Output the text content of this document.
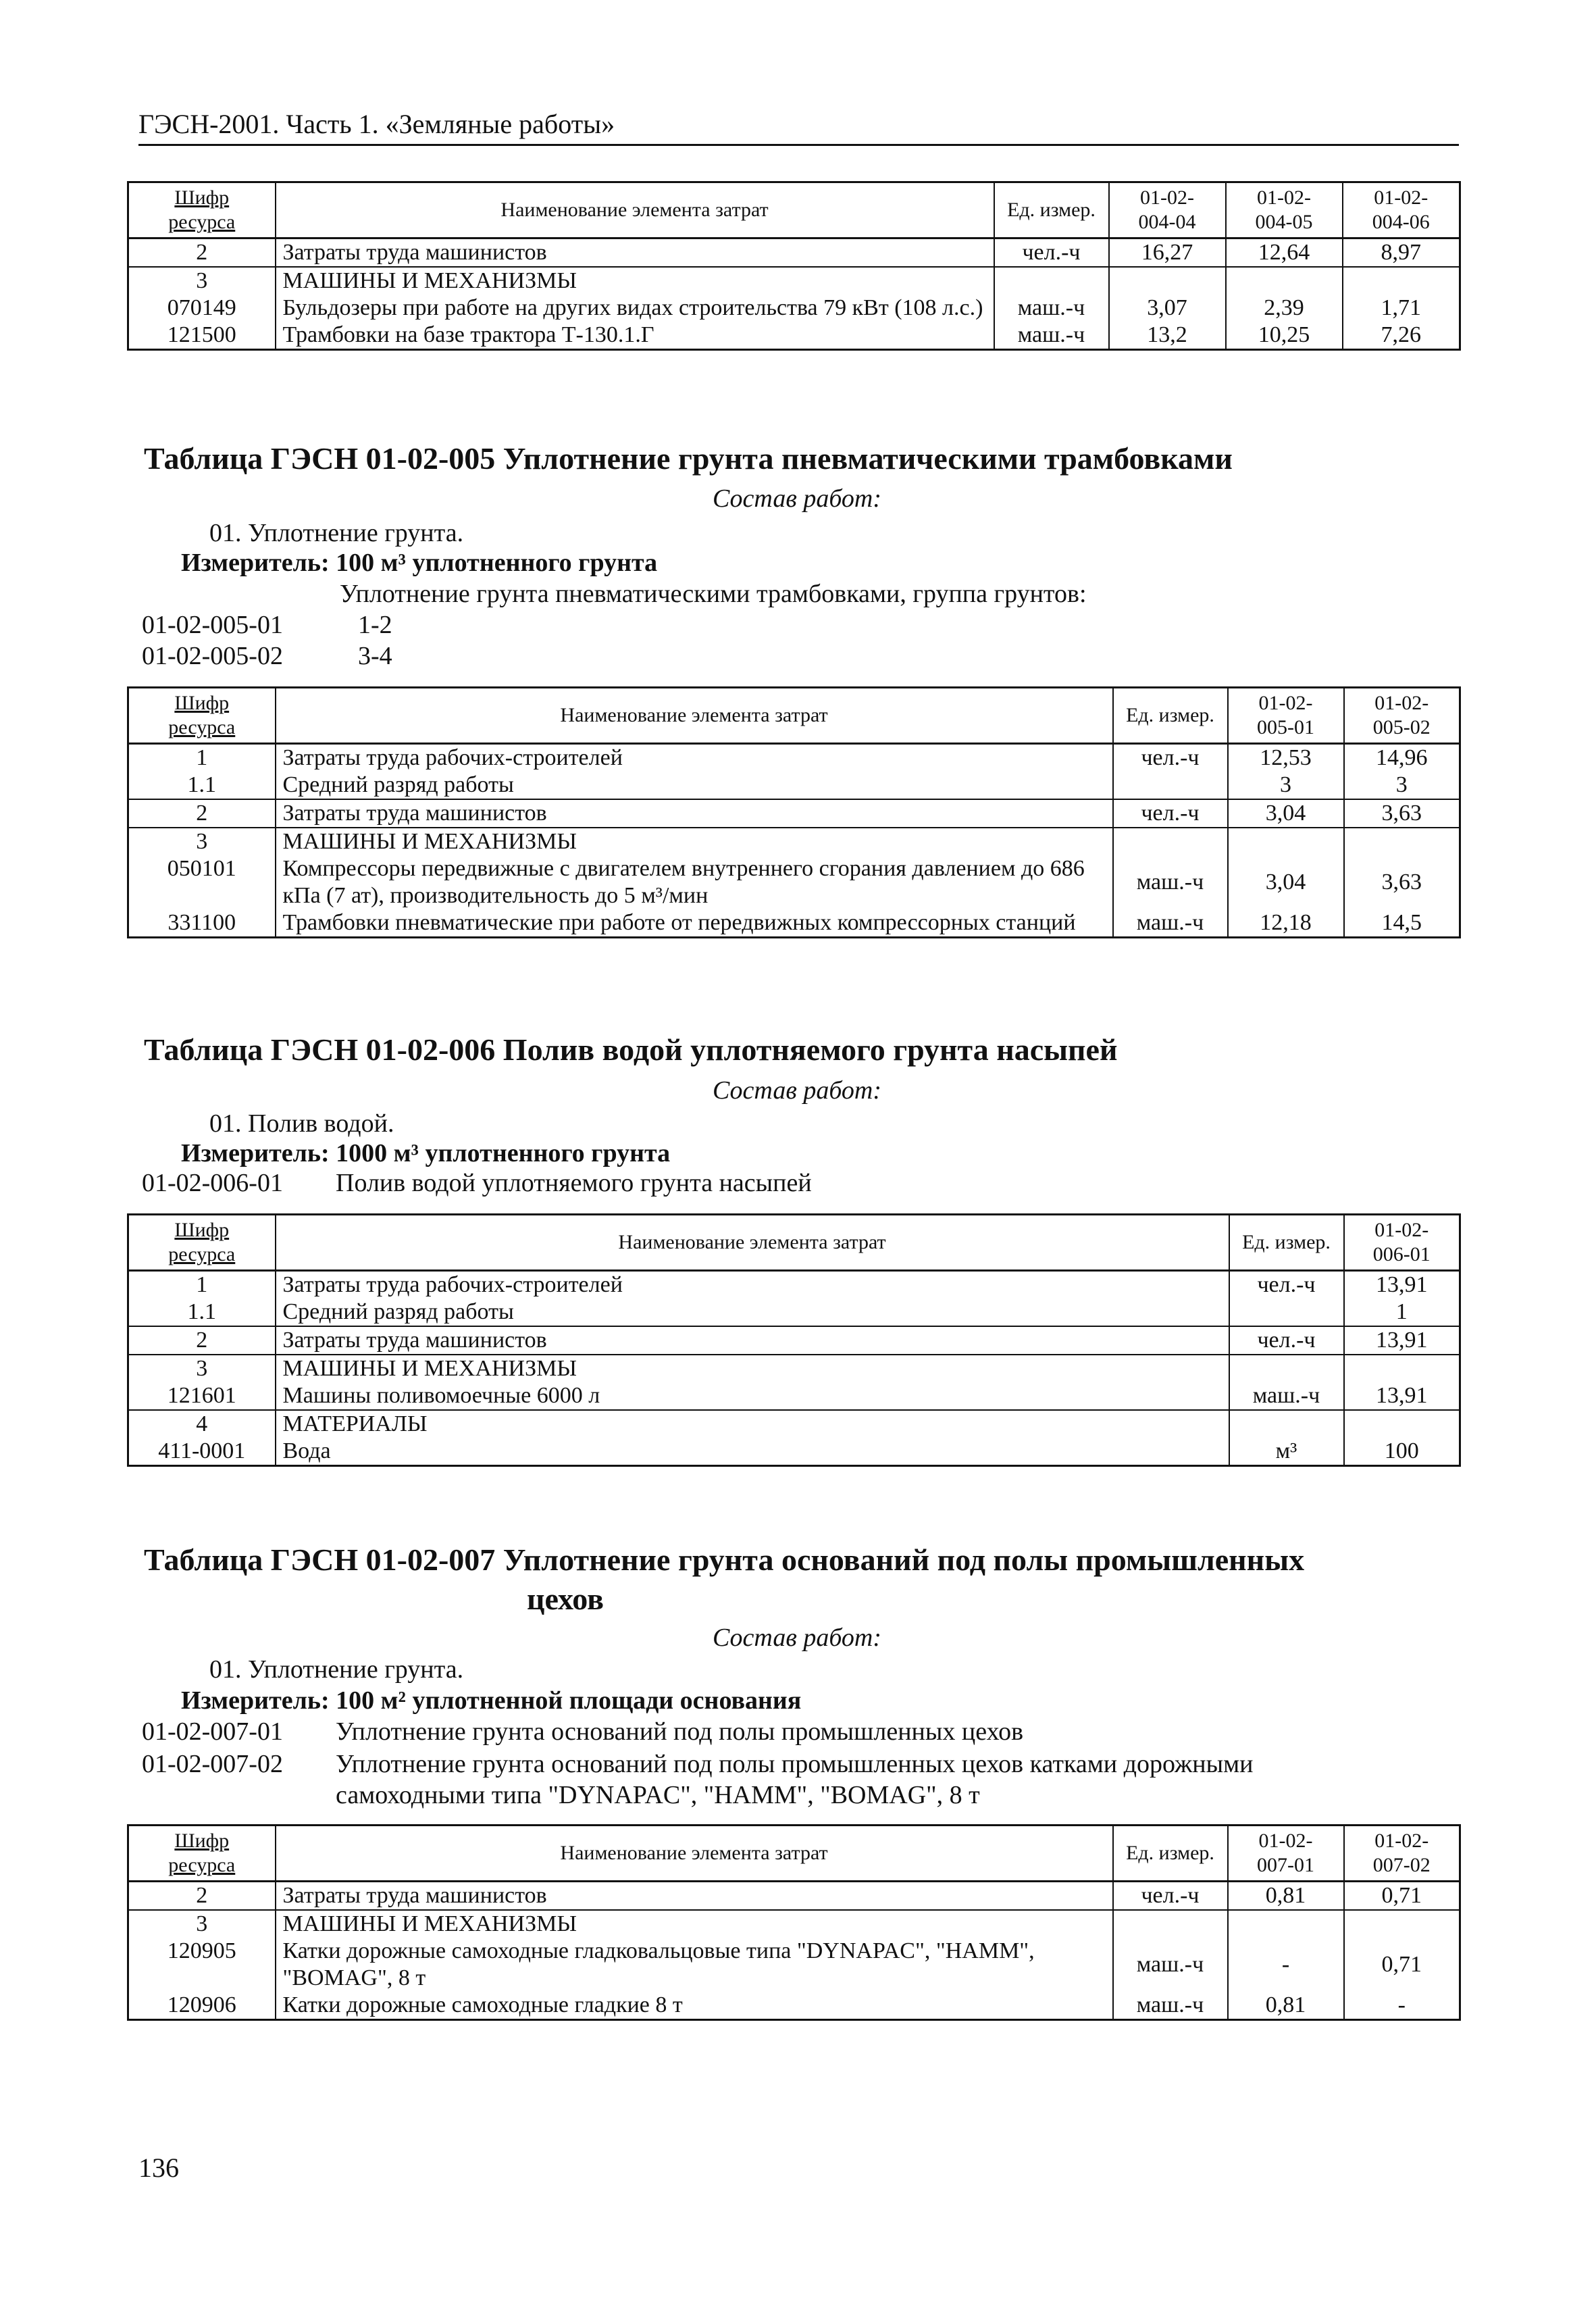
ГЭСН-2001. Часть 1. «Земляные работы»
Шифр
ресурса	Наименование элемента затрат	Ед. измер.	01-02-
004-04	01-02-
004-05	01-02-
004-06

2	Затраты труда машинистов	чел.-ч	16,27	12,64	8,97
3	МАШИНЫ И МЕХАНИЗМЫ				
070149	Бульдозеры при работе на других видах строительства 79 кВт (108 л.с.)	маш.-ч	3,07	2,39	1,71
121500	Трамбовки на базе трактора Т-130.1.Г	маш.-ч	13,2	10,25	7,26
Таблица ГЭСН 01-02-005 Уплотнение грунта пневматическими трамбовками
Состав работ:
01. Уплотнение грунта.
Измеритель: 100 м³ уплотненного грунта
Уплотнение грунта пневматическими трамбовками, группа грунтов:
01-02-005-01	1-2
01-02-005-02	3-4
Шифр
ресурса	Наименование элемента затрат	Ед. измер.	01-02-
005-01	01-02-
005-02

1	Затраты труда рабочих-строителей	чел.-ч	12,53	14,96
1.1	Средний разряд работы		3	3
2	Затраты труда машинистов	чел.-ч	3,04	3,63
3	МАШИНЫ И МЕХАНИЗМЫ			
050101	Компрессоры передвижные с двигателем внутреннего сгорания давлением до 686 кПа (7 ат), производительность до 5 м³/мин	маш.-ч	3,04	3,63
331100	Трамбовки пневматические при работе от передвижных компрессорных станций	маш.-ч	12,18	14,5
Таблица ГЭСН 01-02-006 Полив водой уплотняемого грунта насыпей
Состав работ:
01. Полив водой.
Измеритель: 1000 м³ уплотненного грунта
01-02-006-01 Полив водой уплотняемого грунта насыпей
Шифр
ресурса	Наименование элемента затрат	Ед. измер.	01-02-
006-01

1	Затраты труда рабочих-строителей	чел.-ч	13,91
1.1	Средний разряд работы		1
2	Затраты труда машинистов	чел.-ч	13,91
3	МАШИНЫ И МЕХАНИЗМЫ		
121601	Машины поливомоечные 6000 л	маш.-ч	13,91
4	МАТЕРИАЛЫ		
411-0001	Вода	м³	100
Таблица ГЭСН 01-02-007 Уплотнение грунта оснований под полы промышленных
цехов
Состав работ:
01. Уплотнение грунта.
Измеритель: 100 м² уплотненной площади основания
01-02-007-01 Уплотнение грунта оснований под полы промышленных цехов
01-02-007-02 Уплотнение грунта оснований под полы промышленных цехов катками дорожными
самоходными типа "DYNAPAC", "HAMM", "BOMAG", 8 т
Шифр
ресурса	Наименование элемента затрат	Ед. измер.	01-02-
007-01	01-02-
007-02

2	Затраты труда машинистов	чел.-ч	0,81	0,71
3	МАШИНЫ И МЕХАНИЗМЫ			
120905	Катки дорожные самоходные гладковальцовые типа "DYNAPAC", "HAMM", "BOMAG", 8 т	маш.-ч	-	0,71
120906	Катки дорожные самоходные гладкие 8 т	маш.-ч	0,81	-
136
